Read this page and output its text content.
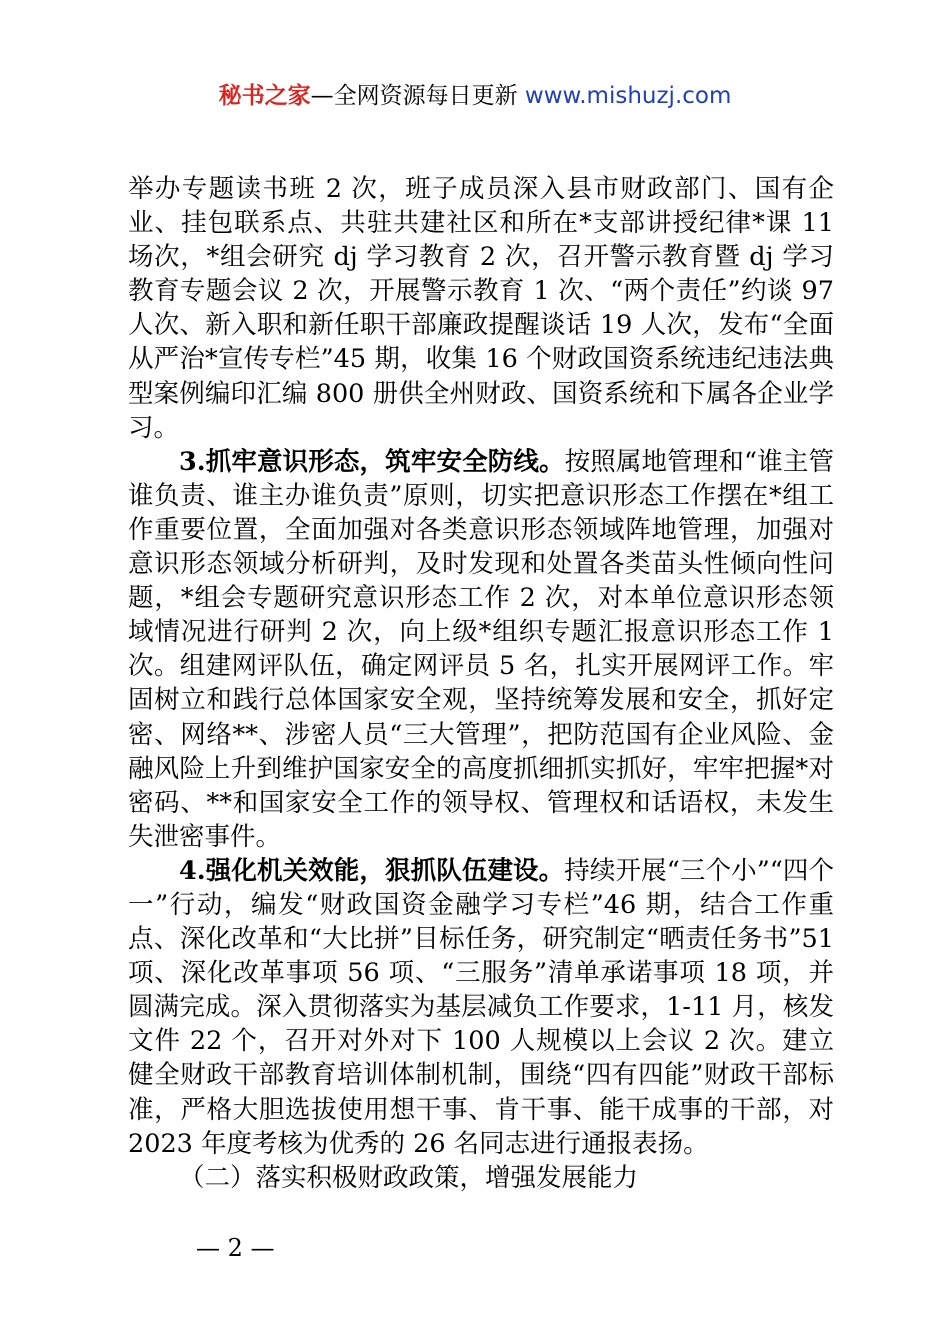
秘书之家—全网资源每日更新 www.mishuzj.com

举办专题读书班 2 次，班子成员深入县市财政部门、国有企业、挂包联系点、共驻共建社区和所在*支部讲授纪律*课 11 场次，*组会研究 dj 学习教育 2 次，召开警示教育暨 dj 学习教育专题会议 2 次，开展警示教育 1 次、“两个责任”约谈 97 人次、新入职和新任职干部廉政提醒谈话 19 人次，发布“全面从严治*宣传专栏”45 期，收集 16 个财政国资系统违纪违法典型案例编印汇编 800 册供全州财政、国资系统和下属各企业学习。

3.抓牢意识形态，筑牢安全防线。按照属地管理和“谁主管谁负责、谁主办谁负责”原则，切实把意识形态工作摆在*组工作重要位置，全面加强对各类意识形态领域阵地管理，加强对意识形态领域分析研判，及时发现和处置各类苗头性倾向性问题，*组会专题研究意识形态工作 2 次，对本单位意识形态领域情况进行研判 2 次，向上级*组织专题汇报意识形态工作 1 次。组建网评队伍，确定网评员 5 名，扎实开展网评工作。牢固树立和践行总体国家安全观，坚持统筹发展和安全，抓好定密、网络**、涉密人员“三大管理”，把防范国有企业风险、金融风险上升到维护国家安全的高度抓细抓实抓好，牢牢把握*对密码、**和国家安全工作的领导权、管理权和话语权，未发生失泄密事件。

4.强化机关效能，狠抓队伍建设。持续开展“三个小”“四个一”行动，编发“财政国资金融学习专栏”46 期，结合工作重点、深化改革和“大比拼”目标任务，研究制定“晒责任务书”51 项、深化改革事项 56 项、“三服务”清单承诺事项 18 项，并圆满完成。深入贯彻落实为基层减负工作要求，1-11 月，核发文件 22 个，召开对外对下 100 人规模以上会议 2 次。建立健全财政干部教育培训体制机制，围绕“四有四能”财政干部标准，严格大胆选拔使用想干事、肯干事、能干成事的干部，对 2023 年度考核为优秀的 26 名同志进行通报表扬。

（二）落实积极财政政策，增强发展能力

— 2 —
